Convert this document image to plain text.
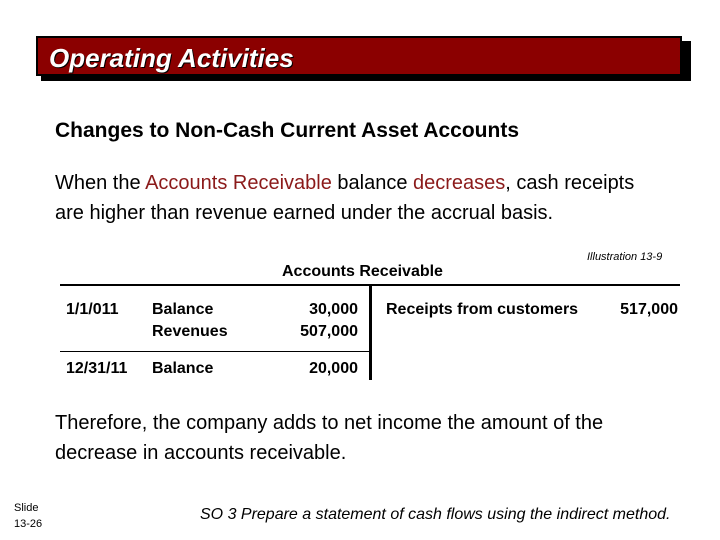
Operating Activities
Changes to Non-Cash Current Asset Accounts
When the Accounts Receivable balance decreases, cash receipts are higher than revenue earned under the accrual basis.
Illustration 13-9
Accounts Receivable
1/1/011 Balance	30,000
Revenues	507,000
12/31/11 Balance	20,000
Receipts from customers	517,000
Therefore, the company adds to net income the amount of the decrease in accounts receivable.
Slide
13-26
SO 3 Prepare a statement of cash flows using the indirect method.
